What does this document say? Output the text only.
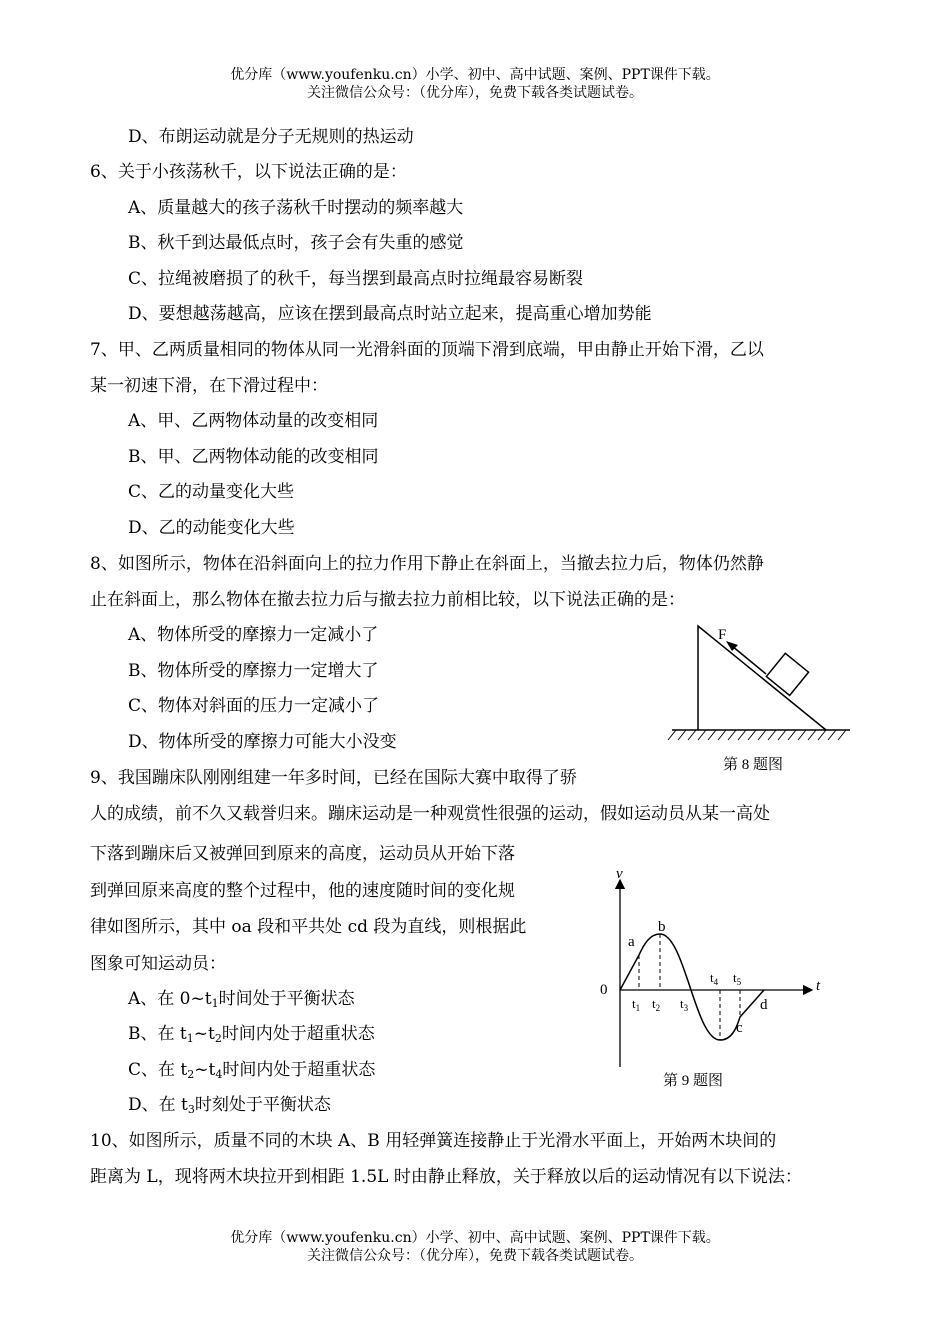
优分库（www.youfenku.cn）小学、初中、高中试题、案例、PPT课件下载。
关注微信公众号：（优分库），免费下载各类试题试卷。
D、布朗运动就是分子无规则的热运动
6、关于小孩荡秋千，以下说法正确的是：
A、质量越大的孩子荡秋千时摆动的频率越大
B、秋千到达最低点时，孩子会有失重的感觉
C、拉绳被磨损了的秋千，每当摆到最高点时拉绳最容易断裂
D、要想越荡越高，应该在摆到最高点时站立起来，提高重心增加势能
7、甲、乙两质量相同的物体从同一光滑斜面的顶端下滑到底端，甲由静止开始下滑，乙以
某一初速下滑，在下滑过程中：
A、甲、乙两物体动量的改变相同
B、甲、乙两物体动能的改变相同
C、乙的动量变化大些
D、乙的动能变化大些
8、如图所示，物体在沿斜面向上的拉力作用下静止在斜面上，当撤去拉力后，物体仍然静
止在斜面上，那么物体在撤去拉力后与撤去拉力前相比较，以下说法正确的是：
A、物体所受的摩擦力一定减小了
B、物体所受的摩擦力一定增大了
C、物体对斜面的压力一定减小了
D、物体所受的摩擦力可能大小没变
F
第 8 题图
9、我国蹦床队刚刚组建一年多时间，已经在国际大赛中取得了骄
人的成绩，前不久又载誉归来。蹦床运动是一种观赏性很强的运动，假如运动员从某一高处
下落到蹦床后又被弹回到原来的高度，运动员从开始下落
到弹回原来高度的整个过程中，他的速度随时间的变化规
律如图所示，其中 oa 段和平共处 cd 段为直线，则根据此
图象可知运动员：
A、在 $0\sim t_1$时间处于平衡状态
B、在 $t_1\sim t_2$时间内处于超重状态
C、在 $t_2\sim t_4$时间内处于超重状态
D、在 $t_3$时刻处于平衡状态
v
t
0
a
b
c
d
$t_1$ $t_2$ $t_3$
$t_4$ $t_5$
第 9 题图
10、如图所示，质量不同的木块 A、B 用轻弹簧连接静止于光滑水平面上，开始两木块间的
距离为 L，现将两木块拉开到相距 1.5L 时由静止释放，关于释放以后的运动情况有以下说法：
优分库（www.youfenku.cn）小学、初中、高中试题、案例、PPT课件下载。
关注微信公众号：（优分库），免费下载各类试题试卷。
